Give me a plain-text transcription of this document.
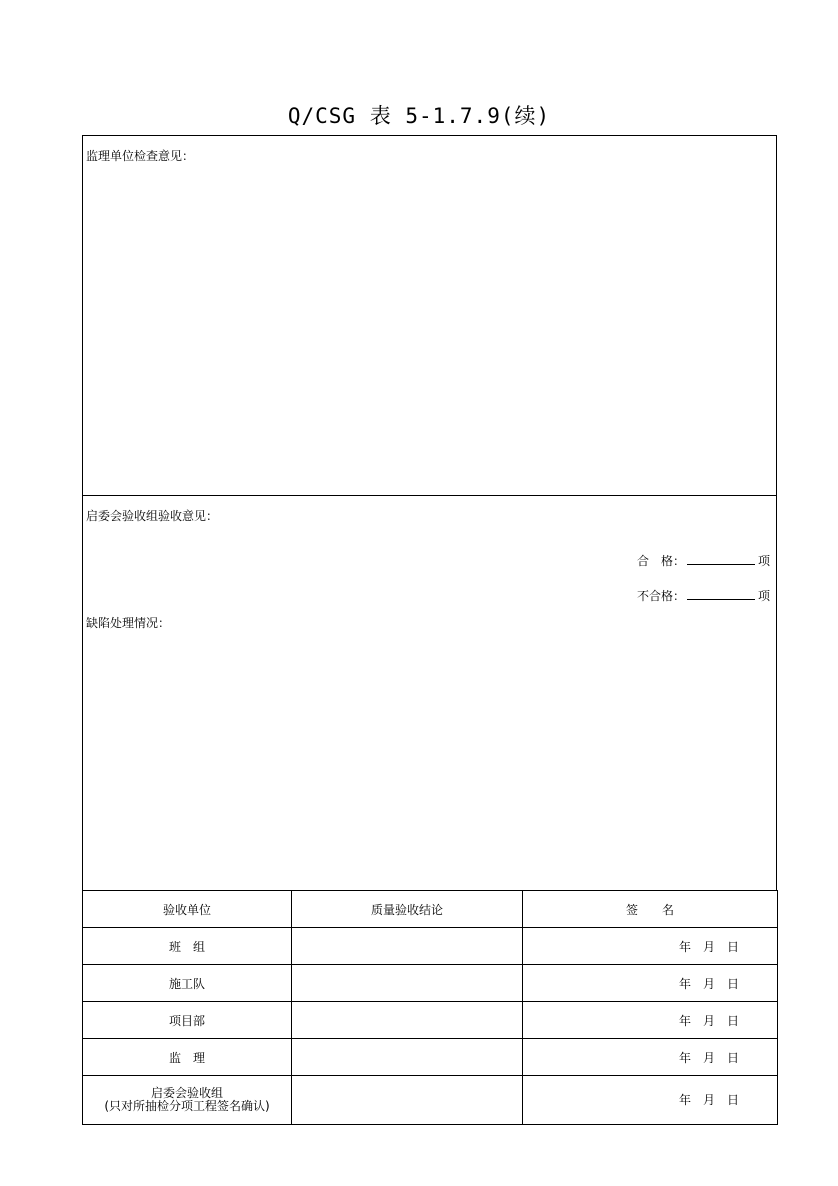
Q/CSG 表 5-1.7.9(续)
监理单位检查意见：
启委会验收组验收意见：
合　格：	项
不合格：	项
缺陷处理情况：
验收单位	质量验收结论	签　　名
班　组		年　月　日
施工队		年　月　日
项目部		年　月　日
监　理		年　月　日

启委会验收组
(只对所抽检分项工程签名确认)		年　月　日
